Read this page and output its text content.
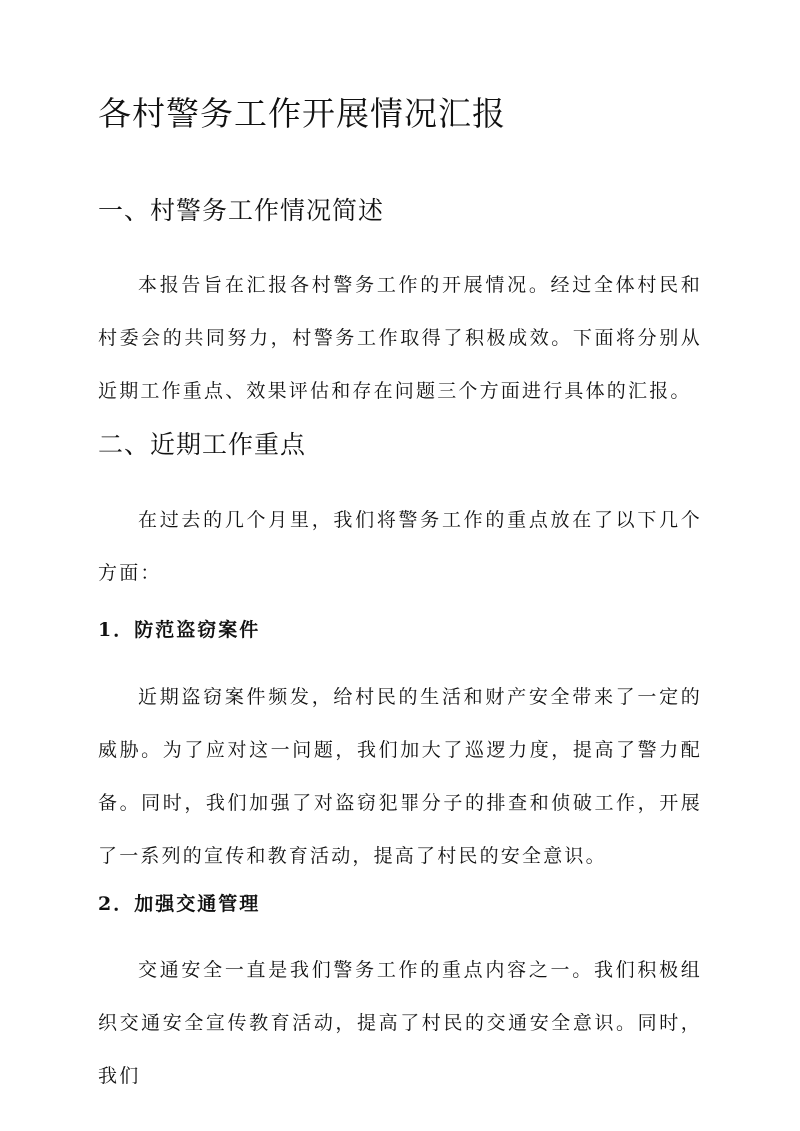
各村警务工作开展情况汇报
一、村警务工作情况简述

本报告旨在汇报各村警务工作的开展情况。经过全体村民和村委会的共同努力，村警务工作取得了积极成效。下面将分别从近期工作重点、效果评估和存在问题三个方面进行具体的汇报。

二、近期工作重点

在过去的几个月里，我们将警务工作的重点放在了以下几个方面：

1．防范盗窃案件

近期盗窃案件频发，给村民的生活和财产安全带来了一定的威胁。为了应对这一问题，我们加大了巡逻力度，提高了警力配备。同时，我们加强了对盗窃犯罪分子的排查和侦破工作，开展了一系列的宣传和教育活动，提高了村民的安全意识。

2．加强交通管理

交通安全一直是我们警务工作的重点内容之一。我们积极组织交通安全宣传教育活动，提高了村民的交通安全意识。同时，我们
